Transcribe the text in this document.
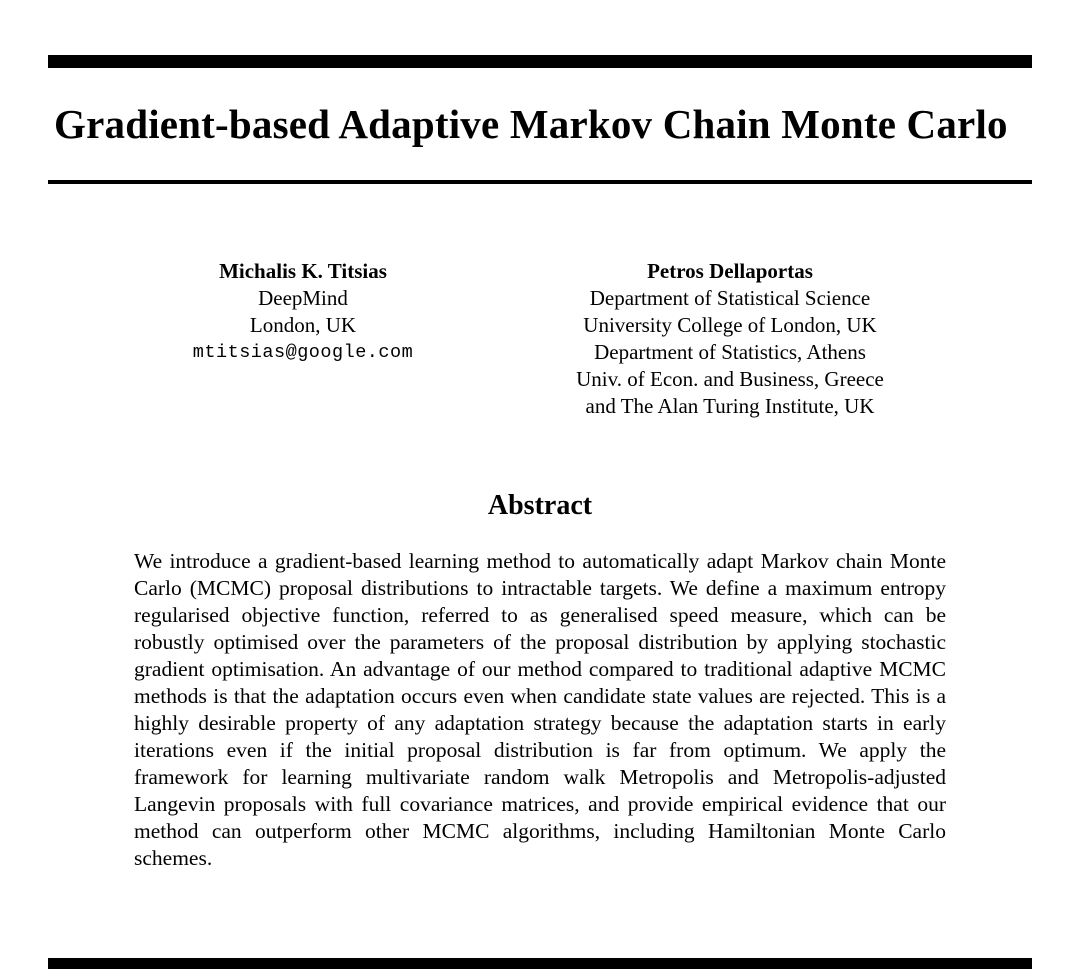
Gradient-based Adaptive Markov Chain Monte Carlo
Michalis K. Titsias
DeepMind
London, UK
mtitsias@google.com
Petros Dellaportas
Department of Statistical Science
University College of London, UK
Department of Statistics, Athens
Univ. of Econ. and Business, Greece
and The Alan Turing Institute, UK
Abstract

We introduce a gradient-based learning method to automatically adapt Markov chain Monte Carlo (MCMC) proposal distributions to intractable targets. We define a maximum entropy regularised objective function, referred to as generalised speed measure, which can be robustly optimised over the parameters of the proposal distribution by applying stochastic gradient optimisation. An advantage of our method compared to traditional adaptive MCMC methods is that the adaptation occurs even when candidate state values are rejected. This is a highly desirable property of any adaptation strategy because the adaptation starts in early iterations even if the initial proposal distribution is far from optimum. We apply the framework for learning multivariate random walk Metropolis and Metropolis-adjusted Langevin proposals with full covariance matrices, and provide empirical evidence that our method can outperform other MCMC algorithms, including Hamiltonian Monte Carlo schemes.
